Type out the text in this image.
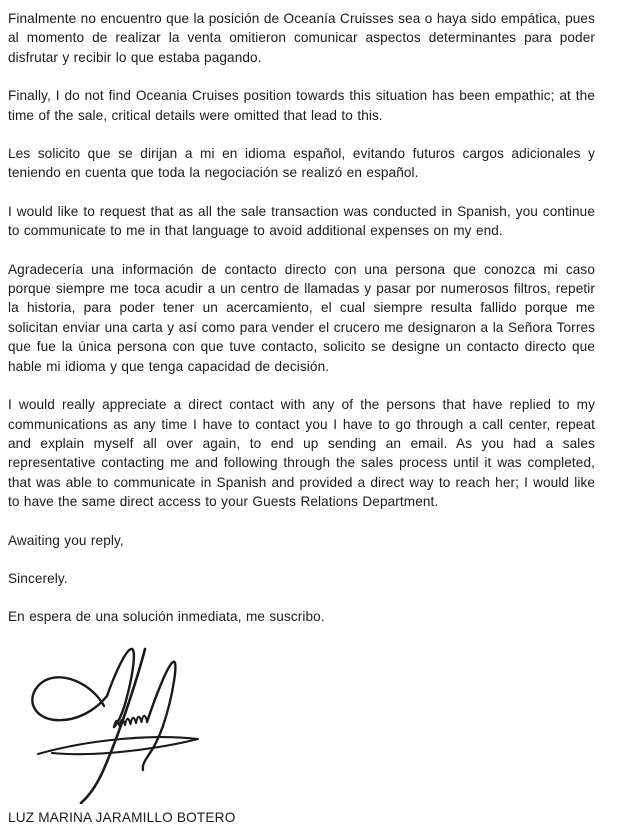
Finalmente no encuentro que la posición de Oceanía Cruisses sea o haya sido empática, pues al momento de realizar la venta omitieron comunicar aspectos determinantes para poder disfrutar y recibir lo que estaba pagando.

Finally, I do not find Oceania Cruises position towards this situation has been empathic; at the time of the sale, critical details were omitted that lead to this.

Les solicito que se dirijan a mi en idioma español, evitando futuros cargos adicionales y teniendo en cuenta que toda la negociación se realizó en español.

I would like to request that as all the sale transaction was conducted in Spanish, you continue to communicate to me in that language to avoid additional expenses on my end.

Agradecería una información de contacto directo con una persona que conozca mi caso porque siempre me toca acudir a un centro de llamadas y pasar por numerosos filtros, repetir la historia, para poder tener un acercamiento, el cual siempre resulta fallido porque me solicitan enviar una carta y así como para vender el crucero me designaron a la Señora Torres que fue la única persona con que tuve contacto, solicito se designe un contacto directo que hable mi idioma y que tenga capacidad de decisión.

I would really appreciate a direct contact with any of the persons that have replied to my communications as any time I have to contact you I have to go through a call center, repeat and explain myself all over again, to end up sending an email. As you had a sales representative contacting me and following through the sales process until it was completed, that was able to communicate in Spanish and provided a direct way to reach her; I would like to have the same direct access to your Guests Relations Department.

Awaiting you reply,

Sincerely.

En espera de una solución inmediata, me suscribo.

LUZ MARINA JARAMILLO BOTERO
